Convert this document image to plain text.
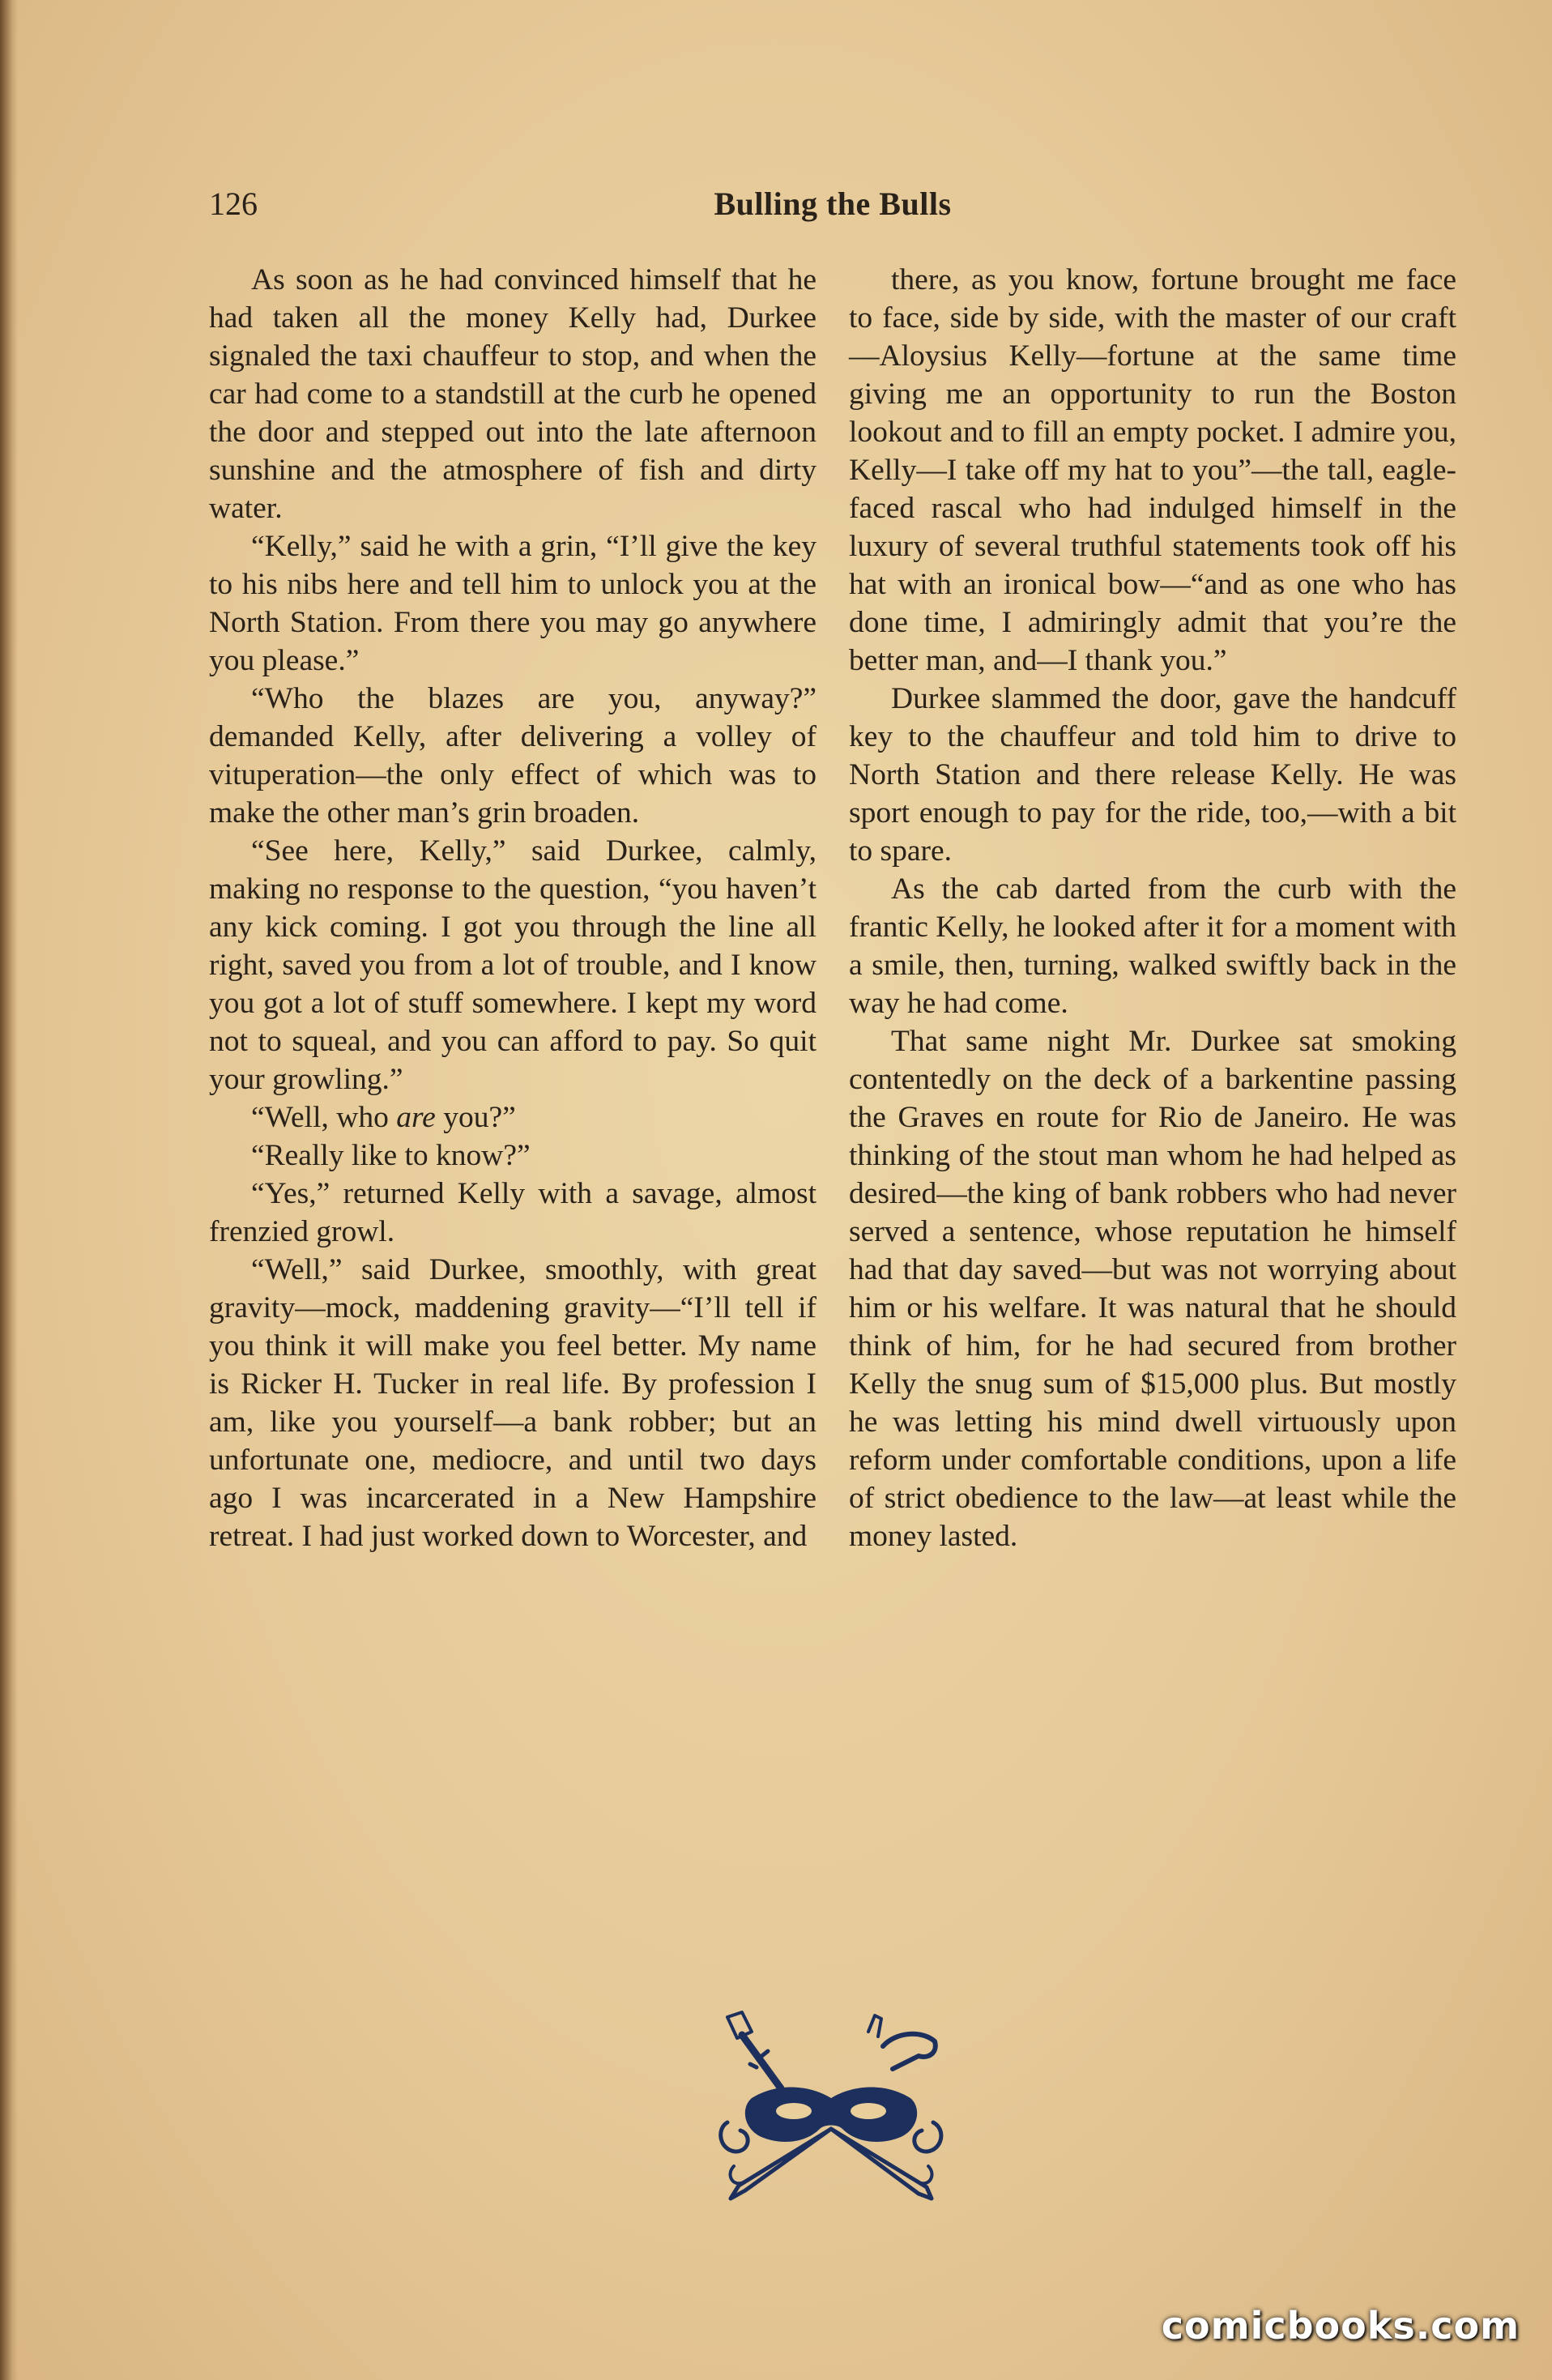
126	Bulling the Bulls

As soon as he had convinced himself that he had taken all the money Kelly had, Durkee signaled the taxi chauffeur to stop, and when the car had come to a standstill at the curb he opened the door and stepped out into the late afternoon sunshine and the atmosphere of fish and dirty water.

“Kelly,” said he with a grin, “I’ll give the key to his nibs here and tell him to unlock you at the North Station. From there you may go anywhere you please.”

“Who the blazes are you, anyway?” demanded Kelly, after delivering a volley of vituperation—the only effect of which was to make the other man’s grin broaden.

“See here, Kelly,” said Durkee, calmly, making no response to the question, “you haven’t any kick coming. I got you through the line all right, saved you from a lot of trouble, and I know you got a lot of stuff somewhere. I kept my word not to squeal, and you can afford to pay. So quit your growling.”

“Well, who are you?”

“Really like to know?”

“Yes,” returned Kelly with a savage, almost frenzied growl.

“Well,” said Durkee, smoothly, with great gravity—mock, maddening gravity—“I’ll tell if you think it will make you feel better. My name is Ricker H. Tucker in real life. By profession I am, like you yourself—a bank robber; but an unfortunate one, mediocre, and until two days ago I was incarcerated in a New Hampshire retreat. I had just worked down to Worcester, and

there, as you know, fortune brought me face to face, side by side, with the master of our craft—Aloysius Kelly—fortune at the same time giving me an opportunity to run the Boston lookout and to fill an empty pocket. I admire you, Kelly—I take off my hat to you”—the tall, eagle-faced rascal who had indulged himself in the luxury of several truthful statements took off his hat with an ironical bow—“and as one who has done time, I admiringly admit that you’re the better man, and—I thank you.”

Durkee slammed the door, gave the handcuff key to the chauffeur and told him to drive to North Station and there release Kelly. He was sport enough to pay for the ride, too,—with a bit to spare.

As the cab darted from the curb with the frantic Kelly, he looked after it for a moment with a smile, then, turning, walked swiftly back in the way he had come.

That same night Mr. Durkee sat smoking contentedly on the deck of a barkentine passing the Graves en route for Rio de Janeiro. He was thinking of the stout man whom he had helped as desired—the king of bank robbers who had never served a sentence, whose reputation he himself had that day saved—but was not worrying about him or his welfare. It was natural that he should think of him, for he had secured from brother Kelly the snug sum of $15,000 plus. But mostly he was letting his mind dwell virtuously upon reform under comfortable conditions, upon a life of strict obedience to the law—at least while the money lasted.

comicbooks.com
